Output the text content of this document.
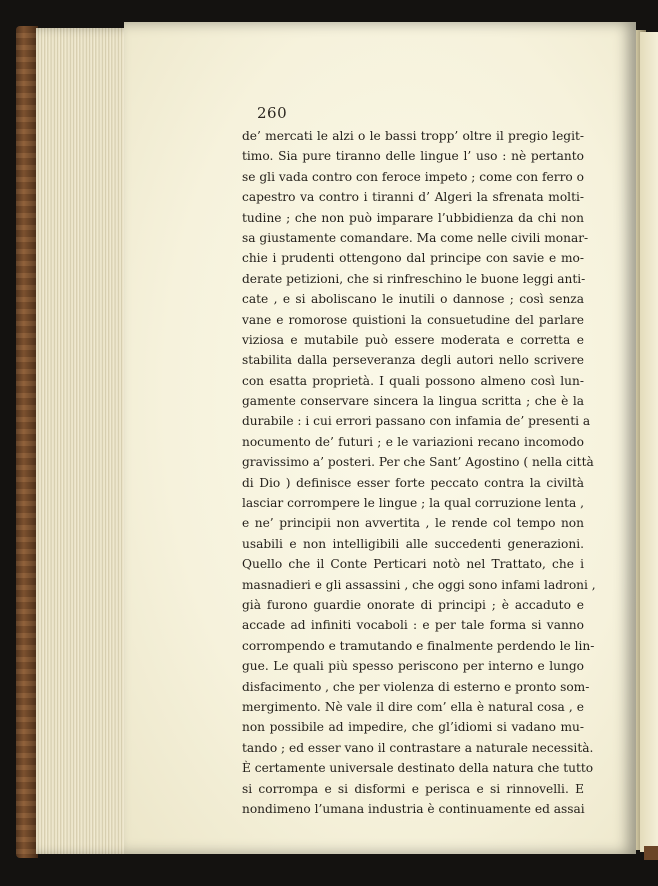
260
de’ mercati le alzi o le bassi tropp’ oltre il pregio legit-
timo. Sia pure tiranno delle lingue l’ uso : nè pertanto
se gli vada contro con feroce impeto ; come con ferro o
capestro va contro i tiranni d’ Algeri la sfrenata molti-
tudine ; che non può imparare l’ubbidienza da chi non
sa giustamente comandare. Ma come nelle civili monar-
chie i prudenti ottengono dal principe con savie e mo-
derate petizioni, che si rinfreschino le buone leggi anti-
cate , e si aboliscano le inutili o dannose ; così senza
vane e romorose quistioni la consuetudine del parlare
viziosa e mutabile può essere moderata e corretta e
stabilita dalla perseveranza degli autori nello scrivere
con esatta proprietà. I quali possono almeno così lun-
gamente conservare sincera la lingua scritta ; che è la
durabile : i cui errori passano con infamia de’ presenti a
nocumento de’ futuri ; e le variazioni recano incomodo
gravissimo a’ posteri. Per che Sant’ Agostino ( nella città
di Dio ) definisce esser forte peccato contra la civiltà
lasciar corrompere le lingue ; la qual corruzione lenta ,
e ne’ principii non avvertita , le rende col tempo non
usabili e non intelligibili alle succedenti generazioni.
Quello che il Conte Perticari notò nel Trattato, che i
masnadieri e gli assassini , che oggi sono infami ladroni ,
già furono guardie onorate di principi ; è accaduto e
accade ad infiniti vocaboli : e per tale forma si vanno
corrompendo e tramutando e finalmente perdendo le lin-
gue. Le quali più spesso periscono per interno e lungo
disfacimento , che per violenza di esterno e pronto som-
mergimento. Nè vale il dire com’ ella è natural cosa , e
non possibile ad impedire, che gl’idiomi si vadano mu-
tando ; ed esser vano il contrastare a naturale necessità.
È certamente universale destinato della natura che tutto
si corrompa e si disformi e perisca e si rinnovelli. E
nondimeno l’umana industria è continuamente ed assai
